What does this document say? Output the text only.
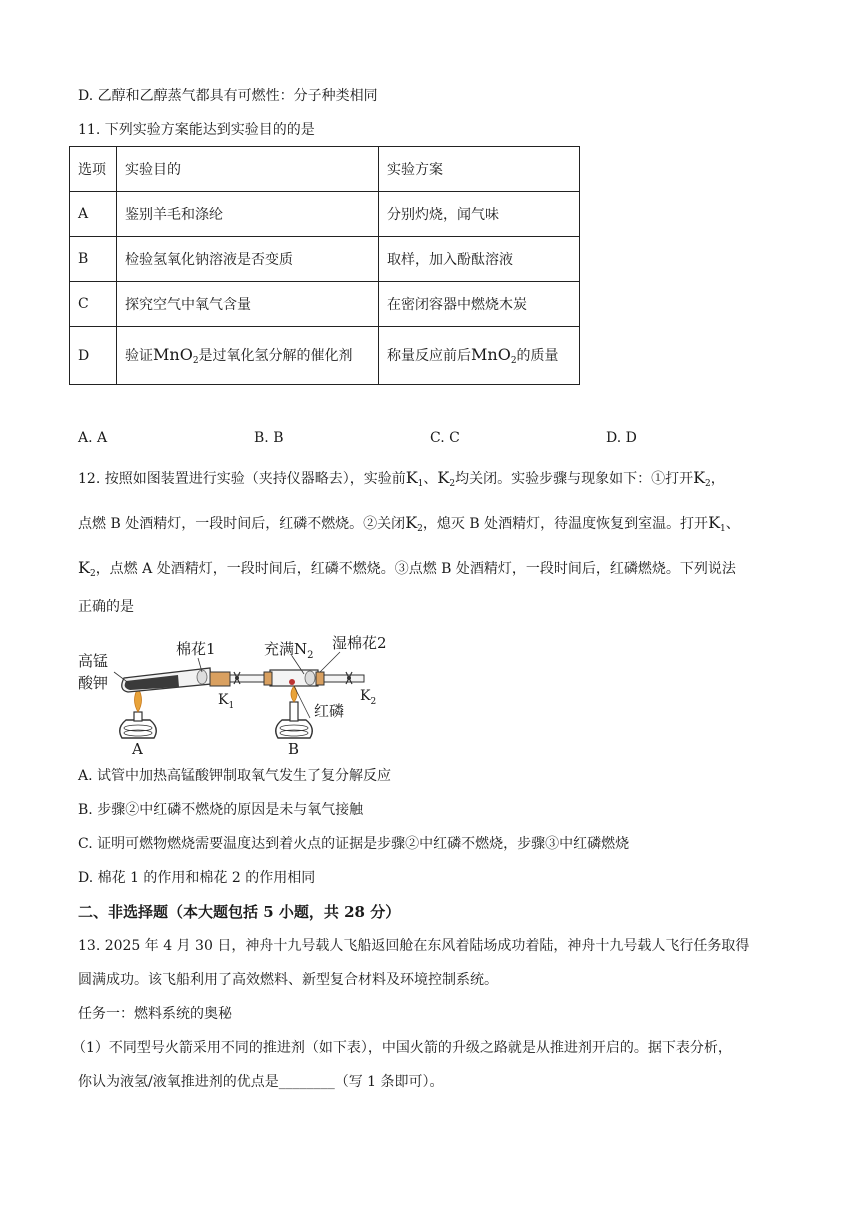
D. 乙醇和乙醇蒸气都具有可燃性：分子种类相同
11. 下列实验方案能达到实验目的的是
选项	实验目的	实验方案
A	鉴别羊毛和涤纶	分别灼烧，闻气味
B	检验氢氧化钠溶液是否变质	取样，加入酚酞溶液
C	探究空气中氧气含量	在密闭容器中燃烧木炭
D	验证MnO$_2$是过氧化氢分解的催化剂	称量反应前后MnO$_2$的质量
A. A	B. B	C. C	D. D
12. 按照如图装置进行实验（夹持仪器略去），实验前$K_1$、$K_2$均关闭。实验步骤与现象如下：①打开$K_2$，
点燃 B 处酒精灯，一段时间后，红磷不燃烧。②关闭$K_2$，熄灭 B 处酒精灯，待温度恢复到室温。打开$K_1$、
$K_2$，点燃 A 处酒精灯，一段时间后，红磷不燃烧。③点燃 B 处酒精灯，一段时间后，红磷燃烧。下列说法
正确的是
高锰
酸钾
棉花1	充满$N_2$
湿棉花2
$K_1$
$K_2$
红磷
A	B
A. 试管中加热高锰酸钾制取氧气发生了复分解反应
B. 步骤②中红磷不燃烧的原因是未与氧气接触
C. 证明可燃物燃烧需要温度达到着火点的证据是步骤②中红磷不燃烧，步骤③中红磷燃烧
D. 棉花 1 的作用和棉花 2 的作用相同
二、非选择题（本大题包括 5 小题，共 28 分）
13. 2025 年 4 月 30 日，神舟十九号载人飞船返回舱在东风着陆场成功着陆，神舟十九号载人飞行任务取得
圆满成功。该飞船利用了高效燃料、新型复合材料及环境控制系统。
任务一：燃料系统的奥秘
（1）不同型号火箭采用不同的推进剂（如下表），中国火箭的升级之路就是从推进剂开启的。据下表分析，
你认为液氢/液氧推进剂的优点是________（写 1 条即可）。
